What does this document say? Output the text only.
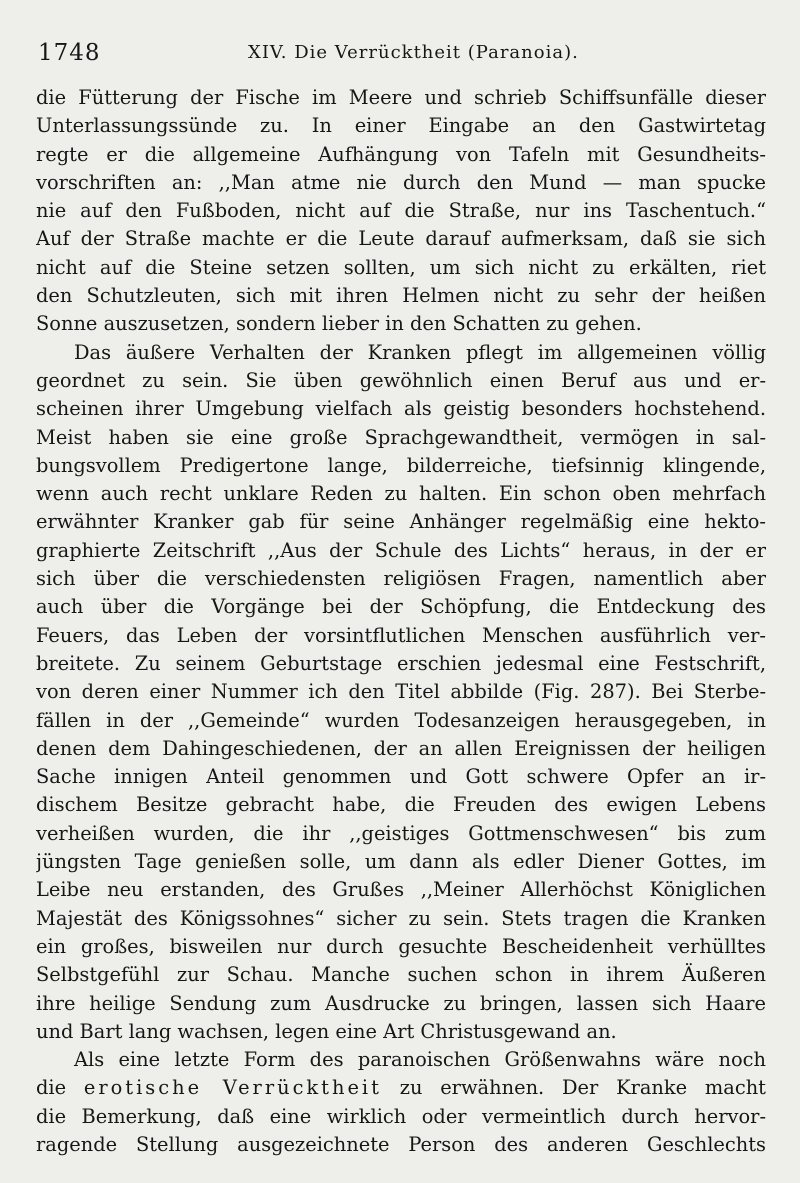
1748	XIV. Die Verrücktheit (Paranoia).
die Fütterung der Fische im Meere und schrieb Schiffsunfälle dieser
Unterlassungssünde zu. In einer Eingabe an den Gastwirtetag
regte er die allgemeine Aufhängung von Tafeln mit Gesundheits-
vorschriften an: ,,Man atme nie durch den Mund — man spucke
nie auf den Fußboden, nicht auf die Straße, nur ins Taschentuch.“
Auf der Straße machte er die Leute darauf aufmerksam, daß sie sich
nicht auf die Steine setzen sollten, um sich nicht zu erkälten, riet
den Schutzleuten, sich mit ihren Helmen nicht zu sehr der heißen
Sonne auszusetzen, sondern lieber in den Schatten zu gehen.
Das äußere Verhalten der Kranken pflegt im allgemeinen völlig
geordnet zu sein. Sie üben gewöhnlich einen Beruf aus und er-
scheinen ihrer Umgebung vielfach als geistig besonders hochstehend.
Meist haben sie eine große Sprachgewandtheit, vermögen in sal-
bungsvollem Predigertone lange, bilderreiche, tiefsinnig klingende,
wenn auch recht unklare Reden zu halten. Ein schon oben mehrfach
erwähnter Kranker gab für seine Anhänger regelmäßig eine hekto-
graphierte Zeitschrift ,,Aus der Schule des Lichts“ heraus, in der er
sich über die verschiedensten religiösen Fragen, namentlich aber
auch über die Vorgänge bei der Schöpfung, die Entdeckung des
Feuers, das Leben der vorsintflutlichen Menschen ausführlich ver-
breitete. Zu seinem Geburtstage erschien jedesmal eine Festschrift,
von deren einer Nummer ich den Titel abbilde (Fig. 287). Bei Sterbe-
fällen in der ,,Gemeinde“ wurden Todesanzeigen herausgegeben, in
denen dem Dahingeschiedenen, der an allen Ereignissen der heiligen
Sache innigen Anteil genommen und Gott schwere Opfer an ir-
dischem Besitze gebracht habe, die Freuden des ewigen Lebens
verheißen wurden, die ihr ,,geistiges Gottmenschwesen“ bis zum
jüngsten Tage genießen solle, um dann als edler Diener Gottes, im
Leibe neu erstanden, des Grußes ,,Meiner Allerhöchst Königlichen
Majestät des Königssohnes“ sicher zu sein. Stets tragen die Kranken
ein großes, bisweilen nur durch gesuchte Bescheidenheit verhülltes
Selbstgefühl zur Schau. Manche suchen schon in ihrem Äußeren
ihre heilige Sendung zum Ausdrucke zu bringen, lassen sich Haare
und Bart lang wachsen, legen eine Art Christusgewand an.
Als eine letzte Form des paranoischen Größenwahns wäre noch
die erotische Verrücktheit zu erwähnen. Der Kranke macht
die Bemerkung, daß eine wirklich oder vermeintlich durch hervor-
ragende Stellung ausgezeichnete Person des anderen Geschlechts
